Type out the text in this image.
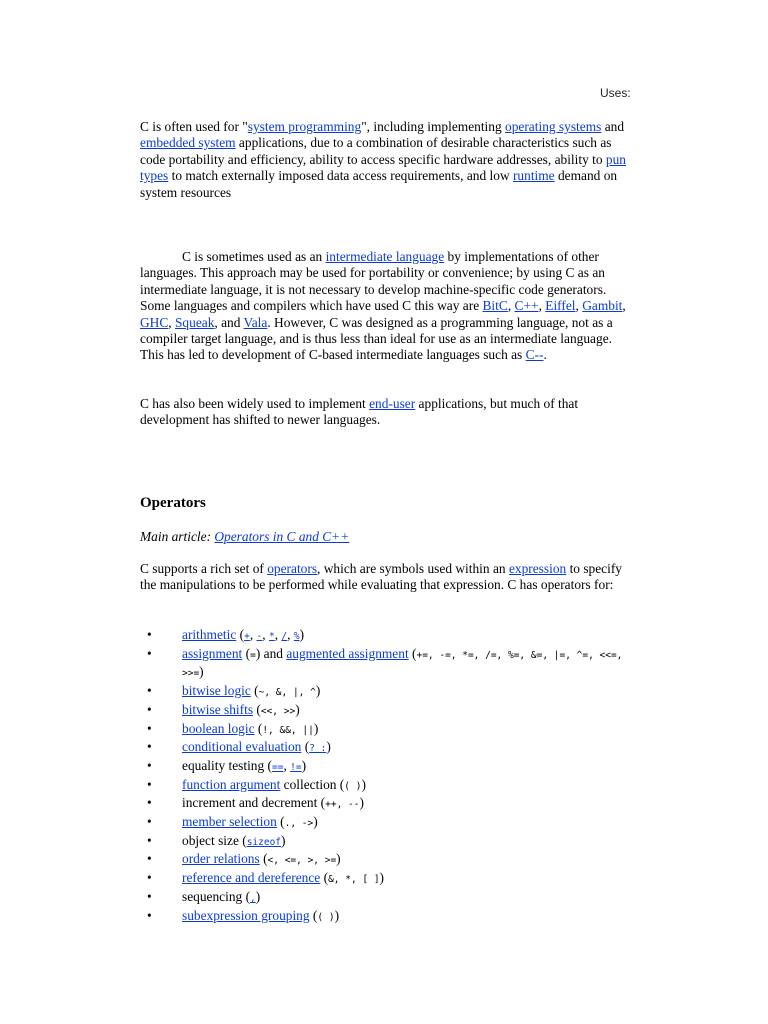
Uses:

C is often used for "system programming", including implementing operating systems and embedded system applications, due to a combination of desirable characteristics such as code portability and efficiency, ability to access specific hardware addresses, ability to pun types to match externally imposed data access requirements, and low runtime demand on system resources

C is sometimes used as an intermediate language by implementations of other languages. This approach may be used for portability or convenience; by using C as an intermediate language, it is not necessary to develop machine-specific code generators. Some languages and compilers which have used C this way are BitC, C++, Eiffel, Gambit, GHC, Squeak, and Vala. However, C was designed as a programming language, not as a compiler target language, and is thus less than ideal for use as an intermediate language. This has led to development of C-based intermediate languages such as C--.

C has also been widely used to implement end-user applications, but much of that development has shifted to newer languages.

Operators

Main article: Operators in C and C++

C supports a rich set of operators, which are symbols used within an expression to specify the manipulations to be performed while evaluating that expression. C has operators for:

• arithmetic (+, -, *, /, %)
• assignment (=) and augmented assignment (+=, -=, *=, /=, %=, &=, |=, ^=, <<=, >>=)
• bitwise logic (~, &, |, ^)
• bitwise shifts (<<, >>)
• boolean logic (!, &&, ||)
• conditional evaluation (? :)
• equality testing (==, !=)
• function argument collection (( ))
• increment and decrement (++, --)
• member selection (., ->)
• object size (sizeof)
• order relations (<, <=, >, >=)
• reference and dereference (&, *, [ ])
• sequencing (,)
• subexpression grouping (( ))
